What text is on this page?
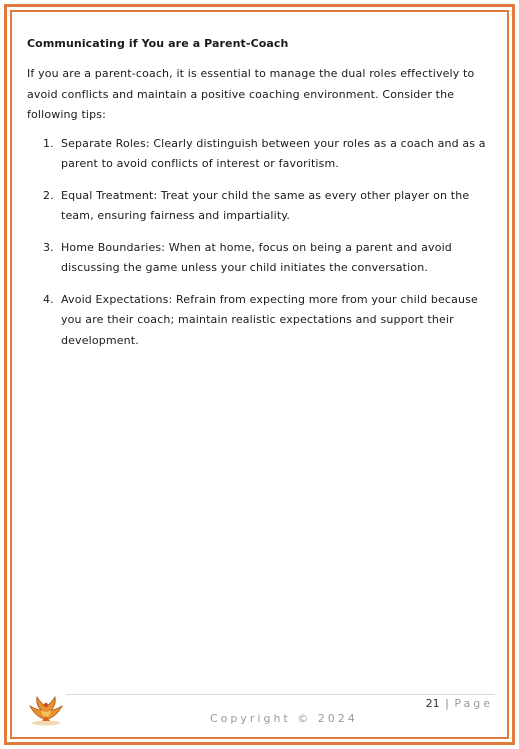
Communicating if You are a Parent-Coach

If you are a parent-coach, it is essential to manage the dual roles effectively to avoid conflicts and maintain a positive coaching environment. Consider the following tips:

1. Separate Roles: Clearly distinguish between your roles as a coach and as a parent to avoid conflicts of interest or favoritism.
2. Equal Treatment: Treat your child the same as every other player on the team, ensuring fairness and impartiality.
3. Home Boundaries: When at home, focus on being a parent and avoid discussing the game unless your child initiates the conversation.
4. Avoid Expectations: Refrain from expecting more from your child because you are their coach; maintain realistic expectations and support their development.
21 | Page
Copyright © 2024
